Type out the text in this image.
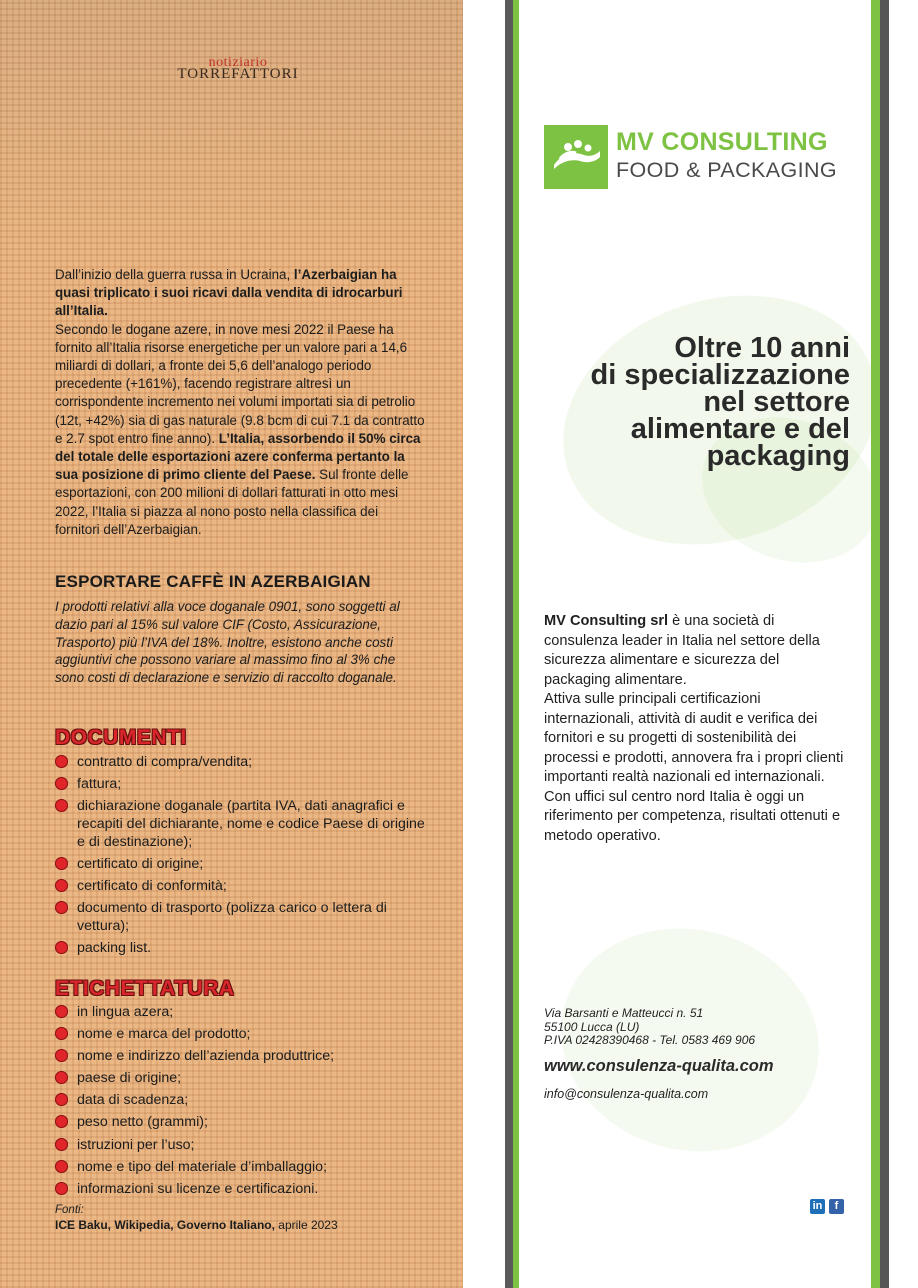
notiziario
TORREFATTORI

Dall’inizio della guerra russa in Ucraina, l’Azerbaigian ha quasi triplicato i suoi ricavi dalla vendita di idrocarburi all’Italia.
Secondo le dogane azere, in nove mesi 2022 il Paese ha fornito all’Italia risorse energetiche per un valore pari a 14,6 miliardi di dollari, a fronte dei 5,6 dell’analogo periodo precedente (+161%), facendo registrare altresì un corrispondente incremento nei volumi importati sia di petrolio (12t, +42%) sia di gas naturale (9.8 bcm di cui 7.1 da contratto e 2.7 spot entro fine anno). L’Italia, assorbendo il 50% circa del totale delle esportazioni azere conferma pertanto la sua posizione di primo cliente del Paese. Sul fronte delle esportazioni, con 200 milioni di dollari fatturati in otto mesi 2022, l’Italia si piazza al nono posto nella classifica dei fornitori dell’Azerbaigian.

ESPORTARE CAFFÈ IN AZERBAIGIAN
I prodotti relativi alla voce doganale 0901, sono soggetti al dazio pari al 15% sul valore CIF (Costo, Assicurazione, Trasporto) più l’IVA del 18%. Inoltre, esistono anche costi aggiuntivi che possono variare al massimo fino al 3% che sono costi di declarazione e servizio di raccolto doganale.
DOCUMENTI
contratto di compra/vendita;
fattura;
dichiarazione doganale (partita IVA, dati anagrafici e recapiti del dichiarante, nome e codice Paese di origine e di destinazione);
certificato di origine;
certificato di conformità;
documento di trasporto (polizza carico o lettera di vettura);
packing list.
ETICHETTATURA
in lingua azera;
nome e marca del prodotto;
nome e indirizzo dell’azienda produttrice;
paese di origine;
data di scadenza;
peso netto (grammi);
istruzioni per l’uso;
nome e tipo del materiale d’imballaggio;
informazioni su licenze e certificazioni.
Fonti:
ICE Baku, Wikipedia, Governo Italiano, aprile 2023
MV CONSULTING
FOOD & PACKAGING
Oltre 10 anni
di specializzazione
nel settore
alimentare e del
packaging

MV Consulting srl è una società di consulenza leader in Italia nel settore della sicurezza alimentare e sicurezza del packaging alimentare.

Attiva sulle principali certificazioni internazionali, attività di audit e verifica dei fornitori e su progetti di sostenibilità dei processi e prodotti, annovera fra i propri clienti importanti realtà nazionali ed internazionali.

Con uffici sul centro nord Italia è oggi un riferimento per competenza, risultati ottenuti e metodo operativo.

Via Barsanti e Matteucci n. 51
55100 Lucca (LU)
P.IVA 02428390468 - Tel. 0583 469 906
www.consulenza-qualita.com
info@consulenza-qualita.com
in	f
